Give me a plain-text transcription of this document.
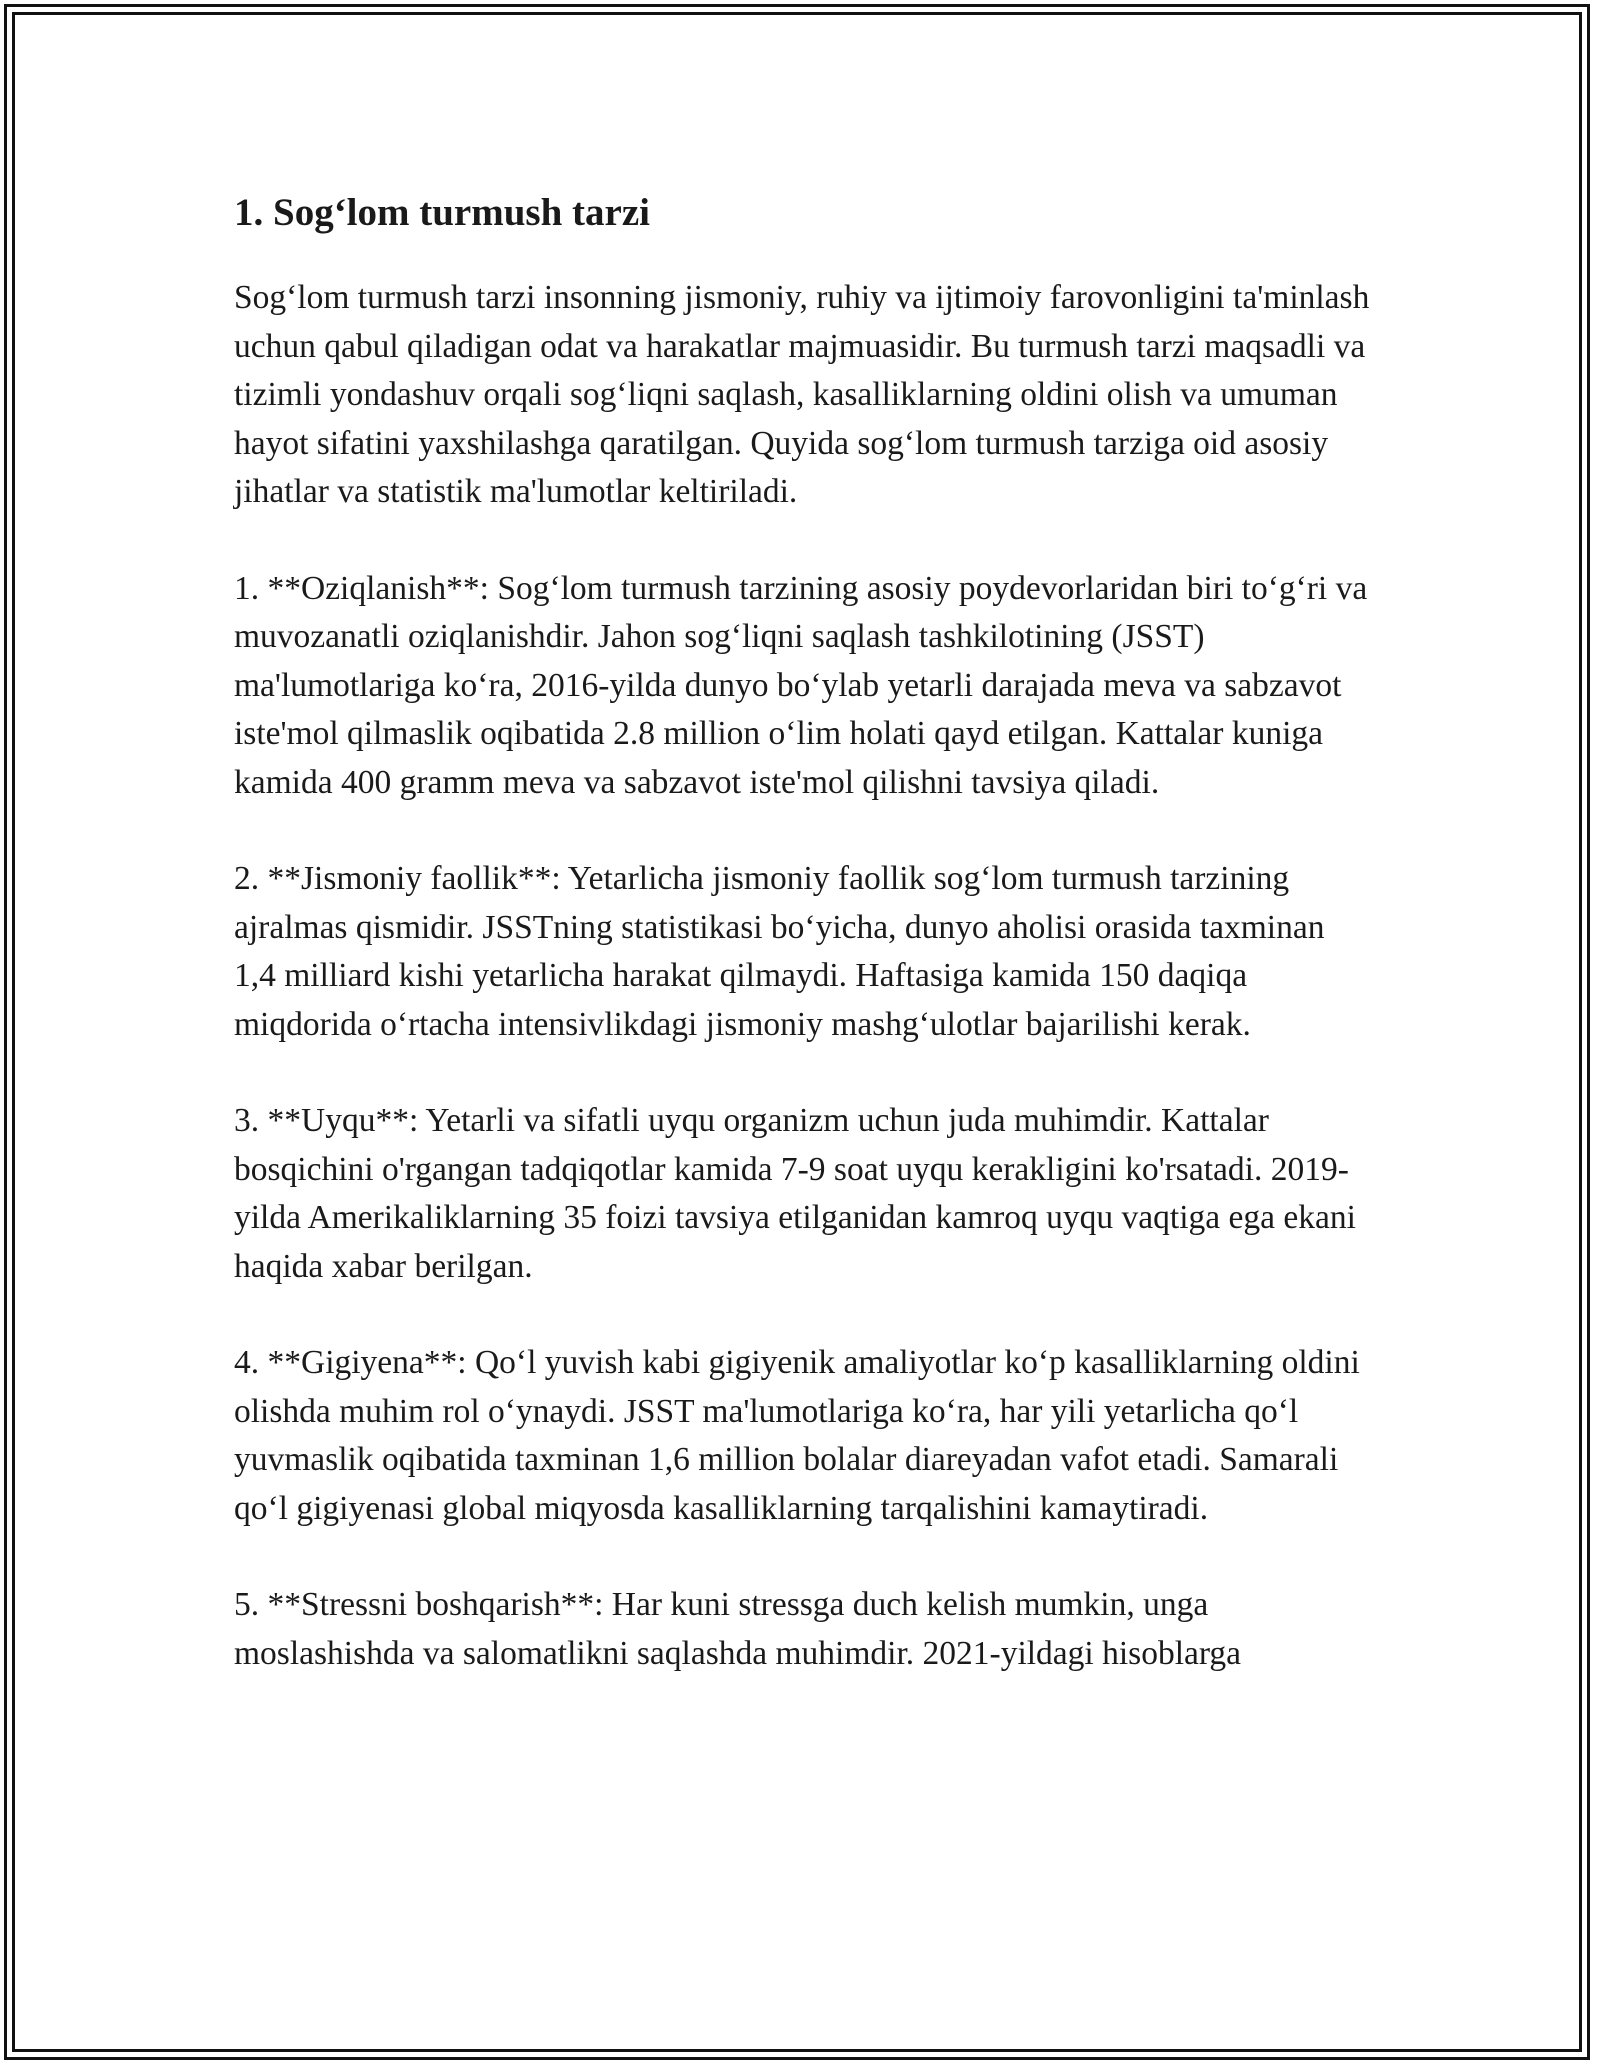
1. Sog‘lom turmush tarzi

Sog‘lom turmush tarzi insonning jismoniy, ruhiy va ijtimoiy farovonligini ta'minlash uchun qabul qiladigan odat va harakatlar majmuasidir. Bu turmush tarzi maqsadli va tizimli yondashuv orqali sog‘liqni saqlash, kasalliklarning oldini olish va umuman hayot sifatini yaxshilashga qaratilgan. Quyida sog‘lom turmush tarziga oid asosiy jihatlar va statistik ma'lumotlar keltiriladi.

1. **Oziqlanish**: Sog‘lom turmush tarzining asosiy poydevorlaridan biri to‘g‘ri va muvozanatli oziqlanishdir. Jahon sog‘liqni saqlash tashkilotining (JSST) ma'lumotlariga ko‘ra, 2016-yilda dunyo bo‘ylab yetarli darajada meva va sabzavot iste'mol qilmaslik oqibatida 2.8 million o‘lim holati qayd etilgan. Kattalar kuniga kamida 400 gramm meva va sabzavot iste'mol qilishni tavsiya qiladi.

2. **Jismoniy faollik**: Yetarlicha jismoniy faollik sog‘lom turmush tarzining ajralmas qismidir. JSSTning statistikasi bo‘yicha, dunyo aholisi orasida taxminan 1,4 milliard kishi yetarlicha harakat qilmaydi. Haftasiga kamida 150 daqiqa miqdorida o‘rtacha intensivlikdagi jismoniy mashg‘ulotlar bajarilishi kerak.

3. **Uyqu**: Yetarli va sifatli uyqu organizm uchun juda muhimdir. Kattalar bosqichini o'rgangan tadqiqotlar kamida 7-9 soat uyqu kerakligini ko'rsatadi. 2019-yilda Amerikaliklarning 35 foizi tavsiya etilganidan kamroq uyqu vaqtiga ega ekani haqida xabar berilgan.

4. **Gigiyena**: Qo‘l yuvish kabi gigiyenik amaliyotlar ko‘p kasalliklarning oldini olishda muhim rol o‘ynaydi. JSST ma'lumotlariga ko‘ra, har yili yetarlicha qo‘l yuvmaslik oqibatida taxminan 1,6 million bolalar diareyadan vafot etadi. Samarali qo‘l gigiyenasi global miqyosda kasalliklarning tarqalishini kamaytiradi.

5. **Stressni boshqarish**: Har kuni stressga duch kelish mumkin, unga moslashishda va salomatlikni saqlashda muhimdir. 2021-yildagi hisoblarga
